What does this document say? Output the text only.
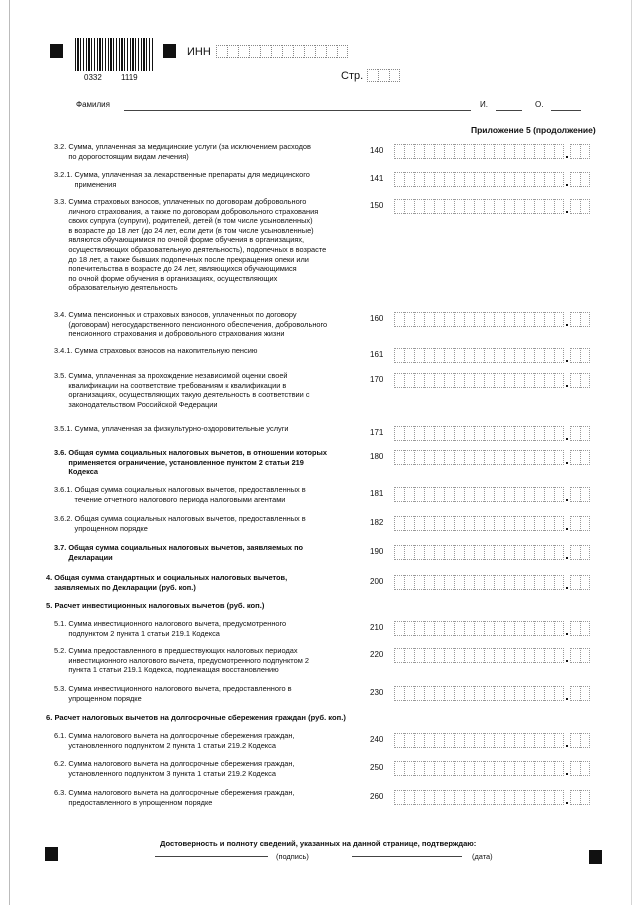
0332 1119
ИНН
Стр.
Фамилия	И.	О.
Приложение 5 (продолжение)
3.2. Сумма, уплаченная за медицинские услуги (за исключением расходов
по дорогостоящим видам лечения)
140
3.2.1. Сумма, уплаченная за лекарственные препараты для медицинского
применения
141
3.3. Сумма страховых взносов, уплаченных по договорам добровольного
личного страхования, а также по договорам добровольного страхования
своих супруга (супруги), родителей, детей (в том числе усыновленных)
в возрасте до 18 лет (до 24 лет, если дети (в том числе усыновленные)
являются обучающимися по очной форме обучения в организациях,
осуществляющих образовательную деятельность), подопечных в возрасте
до 18 лет, а также бывших подопечных после прекращения опеки или
попечительства в возрасте до 24 лет, являющихся обучающимися
по очной форме обучения в организациях, осуществляющих
образовательную деятельность
150
3.4. Сумма пенсионных и страховых взносов, уплаченных по договору
(договорам) негосударственного пенсионного обеспечения, добровольного
пенсионного страхования и добровольного страхования жизни
160
3.4.1. Сумма страховых взносов на накопительную пенсию	161
3.5. Сумма, уплаченная за прохождение независимой оценки своей
квалификации на соответствие требованиям к квалификации в
организациях, осуществляющих такую деятельность в соответствии с
законодательством Российской Федерации
170
3.5.1. Сумма, уплаченная за физкультурно-оздоровительные услуги	171
3.6. Общая сумма социальных налоговых вычетов, в отношении которых
применяется ограничение, установленное пунктом 2 статьи 219
Кодекса
180
3.6.1. Общая сумма социальных налоговых вычетов, предоставленных в
течение отчетного налогового периода налоговыми агентами
181
3.6.2. Общая сумма социальных налоговых вычетов, предоставленных в
упрощенном порядке
182
3.7. Общая сумма социальных налоговых вычетов, заявляемых по
Декларации
190
4. Общая сумма стандартных и социальных налоговых вычетов,
заявляемых по Декларации (руб. коп.)
200
5.1. Сумма инвестиционного налогового вычета, предусмотренного
подпунктом 2 пункта 1 статьи 219.1 Кодекса
210
5.2. Сумма предоставленного в предшествующих налоговых периодах
инвестиционного налогового вычета, предусмотренного подпунктом 2
пункта 1 статьи 219.1 Кодекса, подлежащая восстановлению
220
5.3. Сумма инвестиционного налогового вычета, предоставленного в
упрощенном порядке
230
6.1. Сумма налогового вычета на долгосрочные сбережения граждан,
установленного подпунктом 2 пункта 1 статьи 219.2 Кодекса
240
6.2. Сумма налогового вычета на долгосрочные сбережения граждан,
установленного подпунктом 3 пункта 1 статьи 219.2 Кодекса
250
6.3. Сумма налогового вычета на долгосрочные сбережения граждан,
предоставленного в упрощенном порядке
260
5. Расчет инвестиционных налоговых вычетов (руб. коп.)
6. Расчет налоговых вычетов на долгосрочные сбережения граждан (руб. коп.)
Достоверность и полноту сведений, указанных на данной странице, подтверждаю:
(подпись)	(дата)
